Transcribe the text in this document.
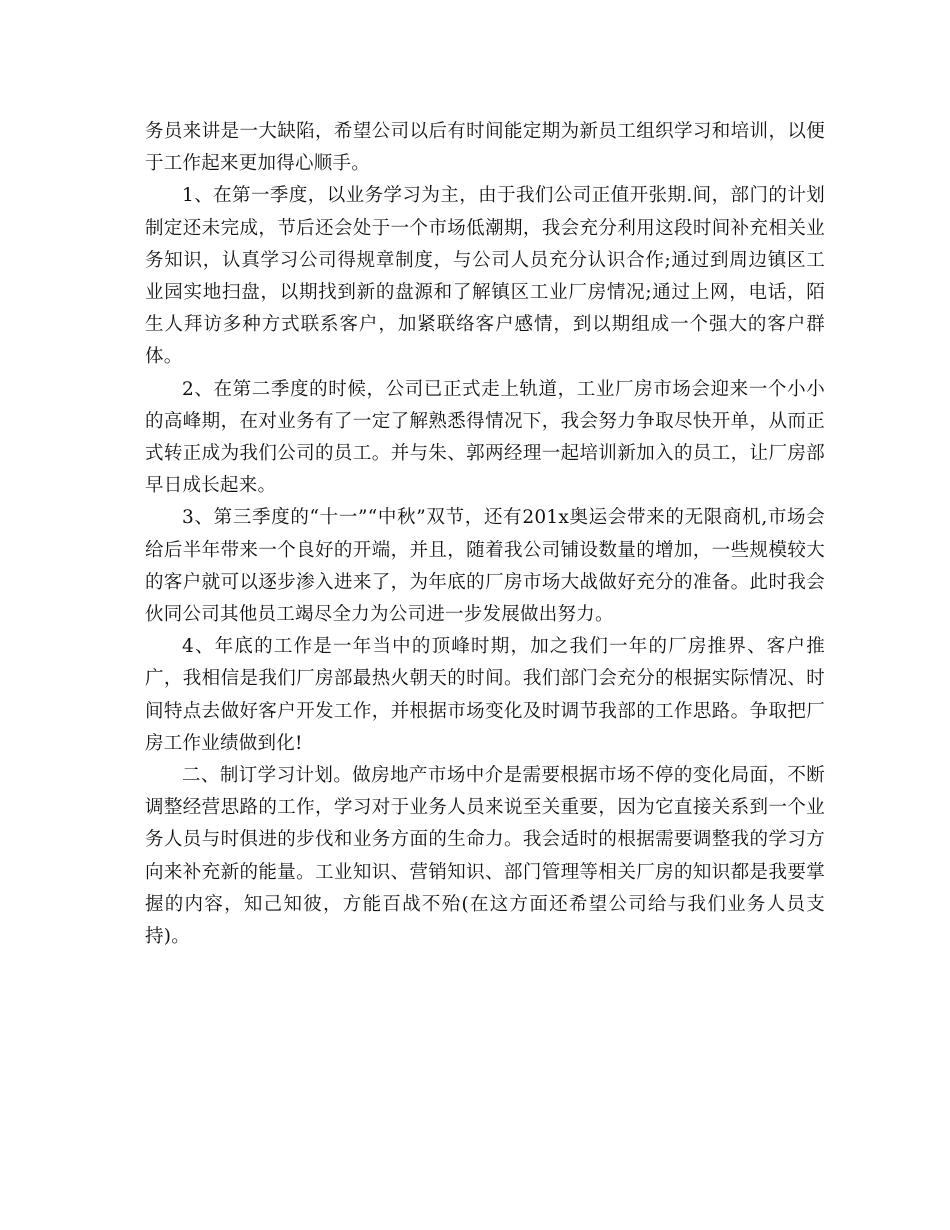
务员来讲是一大缺陷，希望公司以后有时间能定期为新员工组织学习和培训，以便于工作起来更加得心顺手。

1、在第一季度，以业务学习为主，由于我们公司正值开张期.间，部门的计划制定还未完成，节后还会处于一个市场低潮期，我会充分利用这段时间补充相关业务知识，认真学习公司得规章制度，与公司人员充分认识合作;通过到周边镇区工业园实地扫盘，以期找到新的盘源和了解镇区工业厂房情况;通过上网，电话，陌生人拜访多种方式联系客户，加紧联络客户感情，到以期组成一个强大的客户群体。

2、在第二季度的时候，公司已正式走上轨道，工业厂房市场会迎来一个小小的高峰期，在对业务有了一定了解熟悉得情况下，我会努力争取尽快开单，从而正式转正成为我们公司的员工。并与朱、郭两经理一起培训新加入的员工，让厂房部早日成长起来。

3、第三季度的“十一”“中秋”双节，还有201x奥运会带来的无限商机,市场会给后半年带来一个良好的开端，并且，随着我公司铺设数量的增加，一些规模较大的客户就可以逐步渗入进来了，为年底的厂房市场大战做好充分的准备。此时我会伙同公司其他员工竭尽全力为公司进一步发展做出努力。

4、年底的工作是一年当中的顶峰时期，加之我们一年的厂房推界、客户推广，我相信是我们厂房部最热火朝天的时间。我们部门会充分的根据实际情况、时间特点去做好客户开发工作，并根据市场变化及时调节我部的工作思路。争取把厂房工作业绩做到化!

二、制订学习计划。做房地产市场中介是需要根据市场不停的变化局面，不断调整经营思路的工作，学习对于业务人员来说至关重要，因为它直接关系到一个业务人员与时俱进的步伐和业务方面的生命力。我会适时的根据需要调整我的学习方向来补充新的能量。工业知识、营销知识、部门管理等相关厂房的知识都是我要掌握的内容，知己知彼，方能百战不殆(在这方面还希望公司给与我们业务人员支持)。
